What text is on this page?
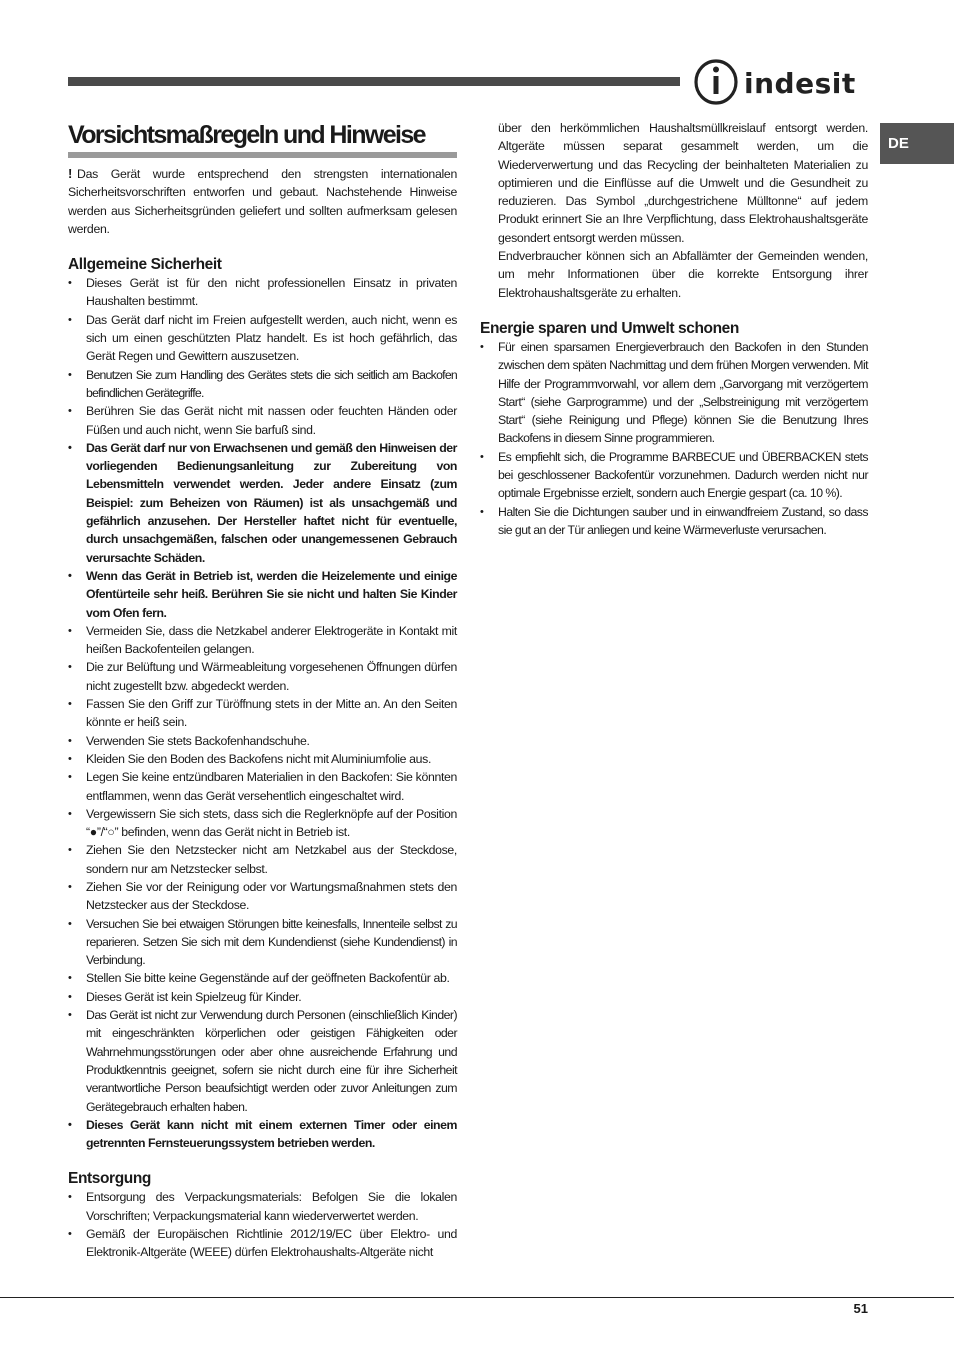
indesit
DE
Vorsichtsmaßregeln und Hinweise

! Das Gerät wurde entsprechend den strengsten internationalen Sicherheitsvorschriften entworfen und gebaut. Nachstehende Hinweise werden aus Sicherheitsgründen geliefert und sollten aufmerksam gelesen werden.

Allgemeine Sicherheit
• Dieses Gerät ist für den nicht professionellen Einsatz in privaten Haushalten bestimmt.
• Das Gerät darf nicht im Freien aufgestellt werden, auch nicht, wenn es sich um einen geschützten Platz handelt. Es ist hoch gefährlich, das Gerät Regen und Gewittern auszusetzen.
• Benutzen Sie zum Handling des Gerätes stets die sich seitlich am Backofen befindlichen Gerätegriffe.
• Berühren Sie das Gerät nicht mit nassen oder feuchten Händen oder Füßen und auch nicht, wenn Sie barfuß sind.
• Das Gerät darf nur von Erwachsenen und gemäß den Hinweisen der vorliegenden Bedienungsanleitung zur Zubereitung von Lebensmitteln verwendet werden. Jeder andere Einsatz (zum Beispiel: zum Beheizen von Räumen) ist als unsachgemäß und gefährlich anzusehen. Der Hersteller haftet nicht für eventuelle, durch unsachgemäßen, falschen oder unangemessenen Gebrauch verursachte Schäden.
• Wenn das Gerät in Betrieb ist, werden die Heizelemente und einige Ofentürteile sehr heiß. Berühren Sie sie nicht und halten Sie Kinder vom Ofen fern.
• Vermeiden Sie, dass die Netzkabel anderer Elektrogeräte in Kontakt mit heißen Backofenteilen gelangen.
• Die zur Belüftung und Wärmeableitung vorgesehenen Öffnungen dürfen nicht zugestellt bzw. abgedeckt werden.
• Fassen Sie den Griff zur Türöffnung stets in der Mitte an. An den Seiten könnte er heiß sein.
• Verwenden Sie stets Backofenhandschuhe.
• Kleiden Sie den Boden des Backofens nicht mit Aluminiumfolie aus.
• Legen Sie keine entzündbaren Materialien in den Backofen: Sie könnten entflammen, wenn das Gerät versehentlich eingeschaltet wird.
• Vergewissern Sie sich stets, dass sich die Reglerknöpfe auf der Position “●”/“○” befinden, wenn das Gerät nicht in Betrieb ist.
• Ziehen Sie den Netzstecker nicht am Netzkabel aus der Steckdose, sondern nur am Netzstecker selbst.
• Ziehen Sie vor der Reinigung oder vor Wartungsmaßnahmen stets den Netzstecker aus der Steckdose.
• Versuchen Sie bei etwaigen Störungen bitte keinesfalls, Innenteile selbst zu reparieren. Setzen Sie sich mit dem Kundendienst (siehe Kundendienst) in Verbindung.
• Stellen Sie bitte keine Gegenstände auf der geöffneten Backofentür ab.
• Dieses Gerät ist kein Spielzeug für Kinder.
• Das Gerät ist nicht zur Verwendung durch Personen (einschließlich Kinder) mit eingeschränkten körperlichen oder geistigen Fähigkeiten oder Wahrnehmungsstörungen oder aber ohne ausreichende Erfahrung und Produktkenntnis geeignet, sofern sie nicht durch eine für ihre Sicherheit verantwortliche Person beaufsichtigt werden oder zuvor Anleitungen zum Gerätegebrauch erhalten haben.
• Dieses Gerät kann nicht mit einem externen Timer oder einem getrennten Fernsteuerungssystem betrieben werden.
Entsorgung
• Entsorgung des Verpackungsmaterials: Befolgen Sie die lokalen Vorschriften; Verpackungsmaterial kann wiederverwertet werden.
• Gemäß der Europäischen Richtlinie 2012/19/EC über Elektro- und Elektronik-Altgeräte (WEEE) dürfen Elektrohaushalts-Altgeräte nicht

über den herkömmlichen Haushaltsmüllkreislauf entsorgt werden. Altgeräte müssen separat gesammelt werden, um die Wiederverwertung und das Recycling der beinhalteten Materialien zu optimieren und die Einflüsse auf die Umwelt und die Gesundheit zu reduzieren. Das Symbol „durchgestrichene Mülltonne“ auf jedem Produkt erinnert Sie an Ihre Verpflichtung, dass Elektrohaushaltsgeräte gesondert entsorgt werden müssen.

Endverbraucher können sich an Abfallämter der Gemeinden wenden, um mehr Informationen über die korrekte Entsorgung ihrer Elektrohaushaltsgeräte zu erhalten.

Energie sparen und Umwelt schonen
• Für einen sparsamen Energieverbrauch den Backofen in den Stunden zwischen dem späten Nachmittag und dem frühen Morgen verwenden. Mit Hilfe der Programmvorwahl, vor allem dem „Garvorgang mit verzögertem Start“ (siehe Garprogramme) und der „Selbstreinigung mit verzögertem Start“ (siehe Reinigung und Pflege) können Sie die Benutzung Ihres Backofens in diesem Sinne programmieren.
• Es empfiehlt sich, die Programme BARBECUE und ÜBERBACKEN stets bei geschlossener Backofentür vorzunehmen. Dadurch werden nicht nur optimale Ergebnisse erzielt, sondern auch Energie gespart (ca. 10 %).
• Halten Sie die Dichtungen sauber und in einwandfreiem Zustand, so dass sie gut an der Tür anliegen und keine Wärmeverluste verursachen.
51
